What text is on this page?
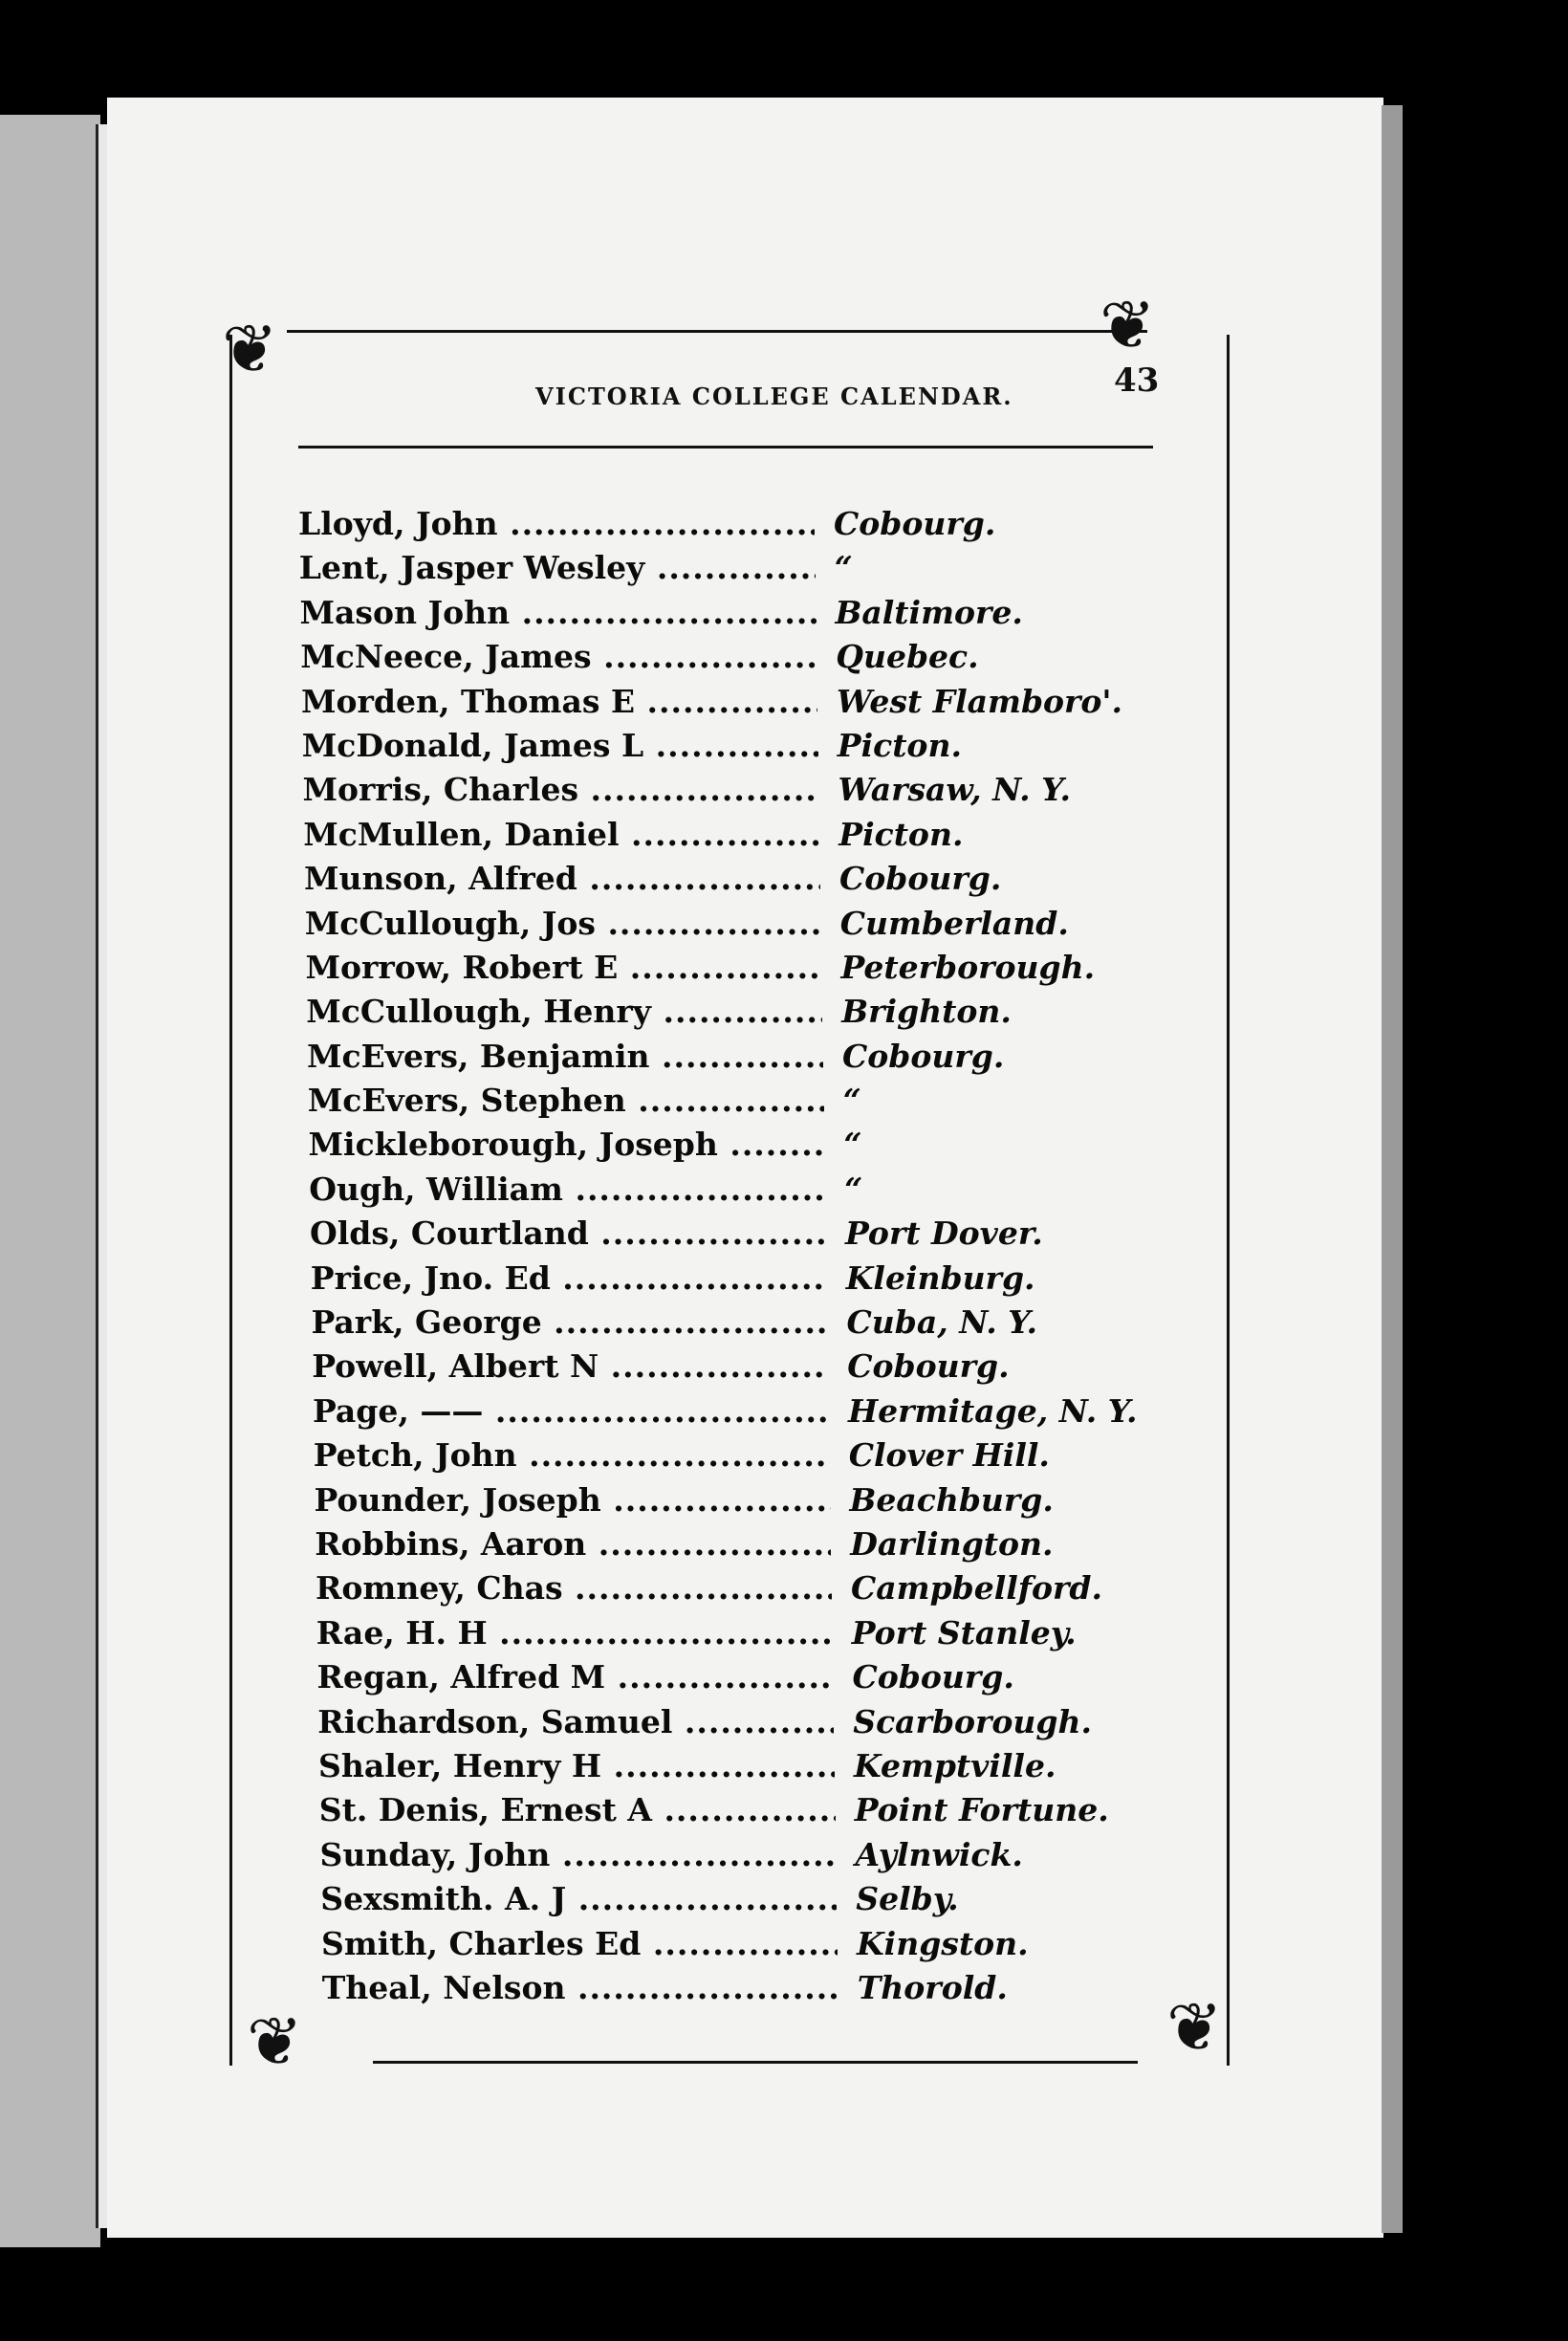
❦	❦
❦	❦
VICTORIA COLLEGE CALENDAR.	43
Lloyd, John .....	Cobourg.
Lent, Jasper Wesley .....	“
Mason John .....	Baltimore.
McNeece, James .....	Quebec.
Morden, Thomas E .....	West Flamboro'.
McDonald, James L .....	Picton.
Morris, Charles .....	Warsaw, N. Y.
McMullen, Daniel .....	Picton.
Munson, Alfred .....	Cobourg.
McCullough, Jos .....	Cumberland.
Morrow, Robert E .....	Peterborough.
McCullough, Henry .....	Brighton.
McEvers, Benjamin .....	Cobourg.
McEvers, Stephen .....	“
Mickleborough, Joseph .....	“
Ough, William .....	“
Olds, Courtland .....	Port Dover.
Price, Jno. Ed .....	Kleinburg.
Park, George .....	Cuba, N. Y.
Powell, Albert N .....	Cobourg.
Page, —— .....	Hermitage, N. Y.
Petch, John .....	Clover Hill.
Pounder, Joseph .....	Beachburg.
Robbins, Aaron .....	Darlington.
Romney, Chas .....	Campbellford.
Rae, H. H .....	Port Stanley.
Regan, Alfred M .....	Cobourg.
Richardson, Samuel .....	Scarborough.
Shaler, Henry H .....	Kemptville.
St. Denis, Ernest A .....	Point Fortune.
Sunday, John .....	Aylnwick.
Sexsmith. A. J .....	Selby.
Smith, Charles Ed .....	Kingston.
Theal, Nelson .....	Thorold.
